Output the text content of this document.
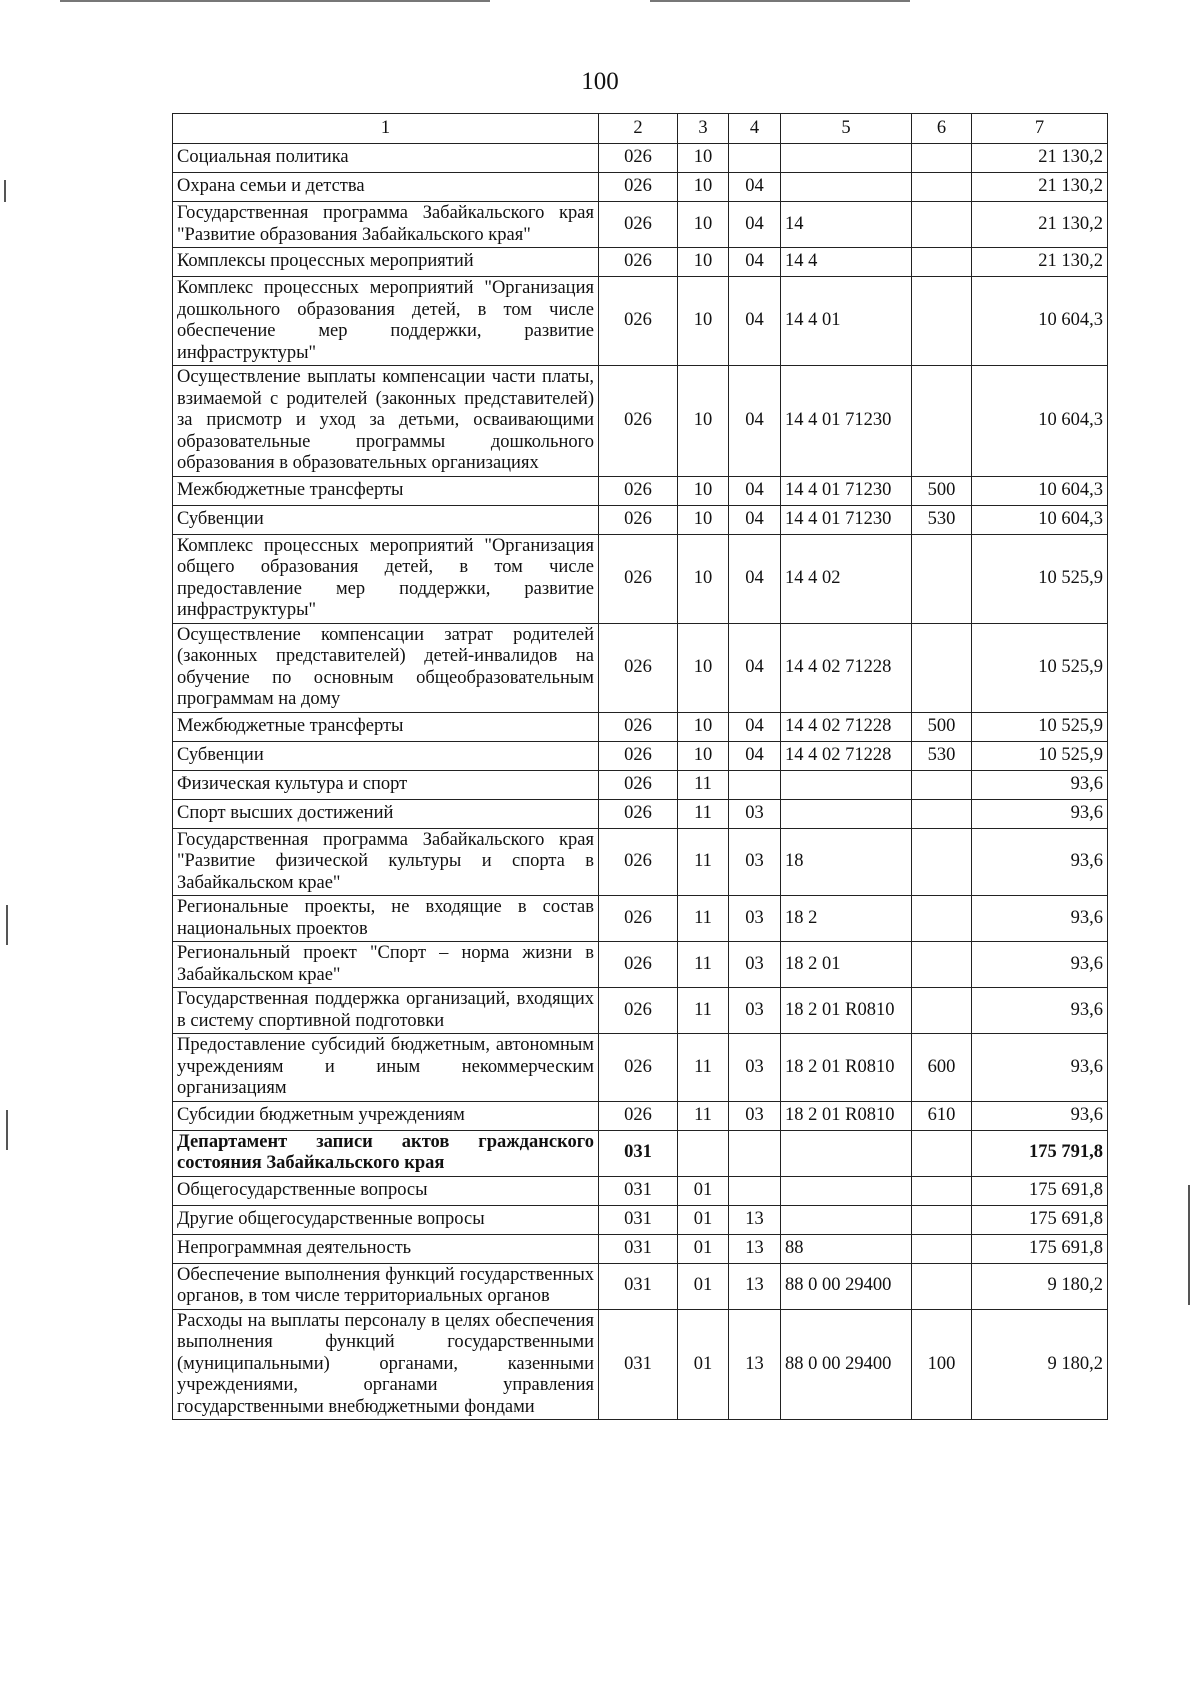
100
1	2	3	4	5	6	7
Социальная политика	026	10				21 130,2
Охрана семьи и детства	026	10	04			21 130,2
Государственная программа Забайкальского края "Развитие образования Забайкальского края"	026	10	04	14		21 130,2
Комплексы процессных мероприятий	026	10	04	14 4		21 130,2
Комплекс процессных мероприятий "Организация дошкольного образования детей, в том числе обеспечение мер поддержки, развитие инфраструктуры"	026	10	04	14 4 01		10 604,3
Осуществление выплаты компенсации части платы, взимаемой с родителей (законных представителей) за присмотр и уход за детьми, осваивающими образовательные программы дошкольного образования в образовательных организациях	026	10	04	14 4 01 71230		10 604,3
Межбюджетные трансферты	026	10	04	14 4 01 71230	500	10 604,3
Субвенции	026	10	04	14 4 01 71230	530	10 604,3
Комплекс процессных мероприятий "Организация общего образования детей, в том числе предоставление мер поддержки, развитие инфраструктуры"	026	10	04	14 4 02		10 525,9
Осуществление компенсации затрат родителей (законных представителей) детей-инвалидов на обучение по основным общеобразовательным программам на дому	026	10	04	14 4 02 71228		10 525,9
Межбюджетные трансферты	026	10	04	14 4 02 71228	500	10 525,9
Субвенции	026	10	04	14 4 02 71228	530	10 525,9
Физическая культура и спорт	026	11				93,6
Спорт высших достижений	026	11	03			93,6
Государственная программа Забайкальского края "Развитие физической культуры и спорта в Забайкальском крае"	026	11	03	18		93,6
Региональные проекты, не входящие в состав национальных проектов	026	11	03	18 2		93,6
Региональный проект "Спорт – норма жизни в Забайкальском крае"	026	11	03	18 2 01		93,6
Государственная поддержка организаций, входящих в систему спортивной подготовки	026	11	03	18 2 01 R0810		93,6
Предоставление субсидий бюджетным, автономным учреждениям и иным некоммерческим организациям	026	11	03	18 2 01 R0810	600	93,6
Субсидии бюджетным учреждениям	026	11	03	18 2 01 R0810	610	93,6
Департамент записи актов гражданского состояния Забайкальского края	031					175 791,8
Общегосударственные вопросы	031	01				175 691,8
Другие общегосударственные вопросы	031	01	13			175 691,8
Непрограммная деятельность	031	01	13	88		175 691,8
Обеспечение выполнения функций государственных органов, в том числе территориальных органов	031	01	13	88 0 00 29400		9 180,2
Расходы на выплаты персоналу в целях обеспечения выполнения функций государственными (муниципальными) органами, казенными учреждениями, органами управления государственными внебюджетными фондами	031	01	13	88 0 00 29400	100	9 180,2
